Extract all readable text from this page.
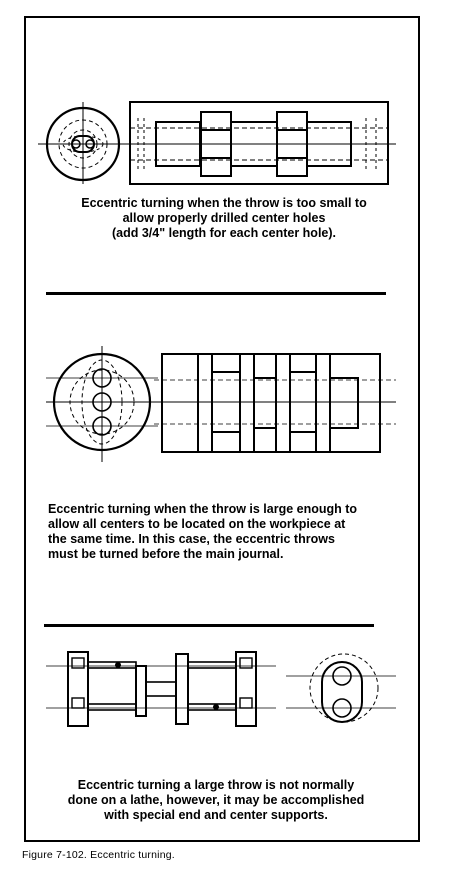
Eccentric turning when the throw is too small to
allow properly drilled center holes
(add 3/4" length for each center hole).

Eccentric turning when the throw is large enough to
allow all centers to be located on the workpiece at
the same time. In this case, the eccentric throws
must be turned before the main journal.

Eccentric turning a large throw is not normally
done on a lathe, however, it may be accomplished
with special end and center supports.

Figure 7-102. Eccentric turning.
